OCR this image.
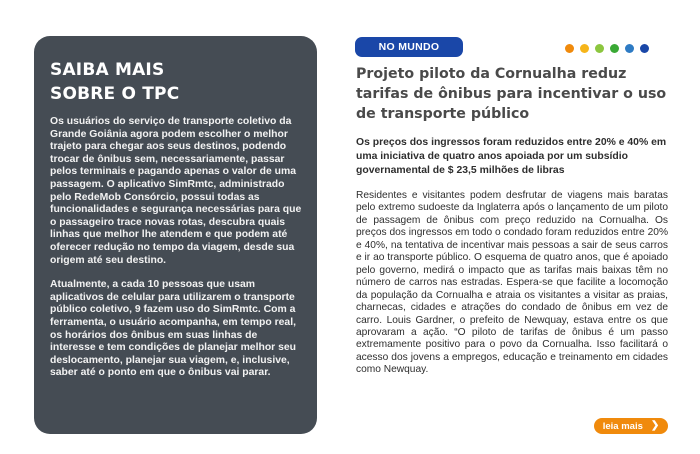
SAIBA MAIS
SOBRE O TPC

Os usuários do serviço de transporte coletivo da Grande Goiânia agora podem escolher o melhor trajeto para chegar aos seus destinos, podendo trocar de ônibus sem, necessariamente, passar pelos terminais e pagando apenas o valor de uma passagem. O aplicativo SimRmtc, administrado pelo RedeMob Consórcio, possui todas as funcionalidades e segurança necessárias para que o passageiro trace novas rotas, descubra quais linhas que melhor lhe atendem e que podem até oferecer redução no tempo da viagem, desde sua origem até seu destino.

Atualmente, a cada 10 pessoas que usam aplicativos de celular para utilizarem o transporte público coletivo, 9 fazem uso do SimRmtc. Com a ferramenta, o usuário acompanha, em tempo real, os horários dos ônibus em suas linhas de interesse e tem condições de planejar melhor seu deslocamento, planejar sua viagem, e, inclusive, saber até o ponto em que o ônibus vai parar.

NO MUNDO
Projeto piloto da Cornualha reduz tarifas de ônibus para incentivar o uso de transporte público

Os preços dos ingressos foram reduzidos entre 20% e 40% em uma iniciativa de quatro anos apoiada por um subsídio governamental de $ 23,5 milhões de libras

Residentes e visitantes podem desfrutar de viagens mais baratas pelo extremo sudoeste da Inglaterra após o lançamento de um piloto de passagem de ônibus com preço reduzido na Cornualha. Os preços dos ingressos em todo o condado foram reduzidos entre 20% e 40%, na tentativa de incentivar mais pessoas a sair de seus carros e ir ao transporte público. O esquema de quatro anos, que é apoiado pelo governo, medirá o impacto que as tarifas mais baixas têm no número de carros nas estradas. Espera-se que facilite a locomoção da população da Cornualha e atraia os visitantes a visitar as praias, charnecas, cidades e atrações do condado de ônibus em vez de carro. Louis Gardner, o prefeito de Newquay, estava entre os que aprovaram a ação. “O piloto de tarifas de ônibus é um passo extremamente positivo para o povo da Cornualha. Isso facilitará o acesso dos jovens a empregos, educação e treinamento em cidades como Newquay.

leia mais ❯
